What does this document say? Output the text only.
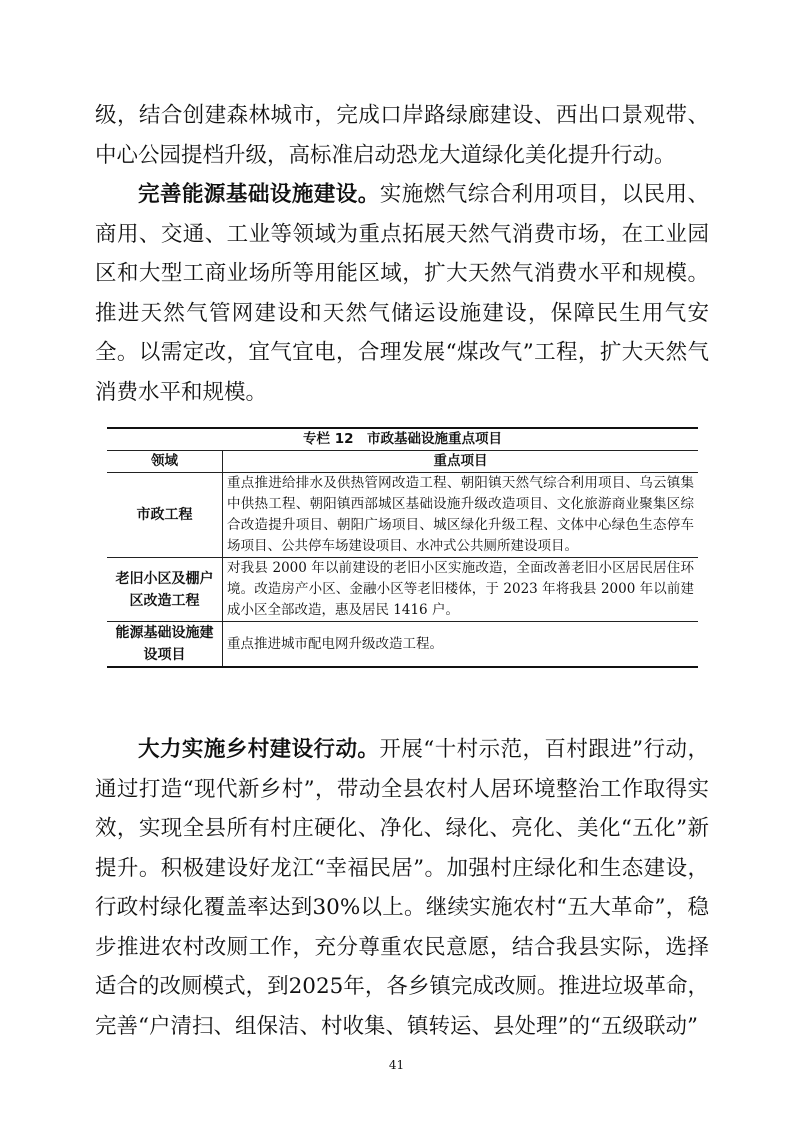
级，结合创建森林城市，完成口岸路绿廊建设、西出口景观带、中心公园提档升级，高标准启动恐龙大道绿化美化提升行动。

完善能源基础设施建设。实施燃气综合利用项目，以民用、商用、交通、工业等领域为重点拓展天然气消费市场，在工业园区和大型工商业场所等用能区域，扩大天然气消费水平和规模。推进天然气管网建设和天然气储运设施建设，保障民生用气安全。以需定改，宜气宜电，合理发展“煤改气”工程，扩大天然气消费水平和规模。

专栏 12　市政基础设施重点项目	
领域	重点项目
市政工程	重点推进给排水及供热管网改造工程、朝阳镇天然气综合利用项目、乌云镇集中供热工程、朝阳镇西部城区基础设施升级改造项目、文化旅游商业聚集区综合改造提升项目、朝阳广场项目、城区绿化升级工程、文体中心绿色生态停车场项目、公共停车场建设项目、水冲式公共厕所建设项目。
老旧小区及棚户区改造工程	对我县 2000 年以前建设的老旧小区实施改造，全面改善老旧小区居民居住环境。改造房产小区、金融小区等老旧楼体，于 2023 年将我县 2000 年以前建成小区全部改造，惠及居民 1416 户。
能源基础设施建设项目	重点推进城市配电网升级改造工程。

大力实施乡村建设行动。开展“十村示范，百村跟进”行动，通过打造“现代新乡村”，带动全县农村人居环境整治工作取得实效，实现全县所有村庄硬化、净化、绿化、亮化、美化“五化”新提升。积极建设好龙江“幸福民居”。加强村庄绿化和生态建设，行政村绿化覆盖率达到30%以上。继续实施农村“五大革命”，稳步推进农村改厕工作，充分尊重农民意愿，结合我县实际，选择适合的改厕模式，到2025年，各乡镇完成改厕。推进垃圾革命，完善“户清扫、组保洁、村收集、镇转运、县处理”的“五级联动”

41
